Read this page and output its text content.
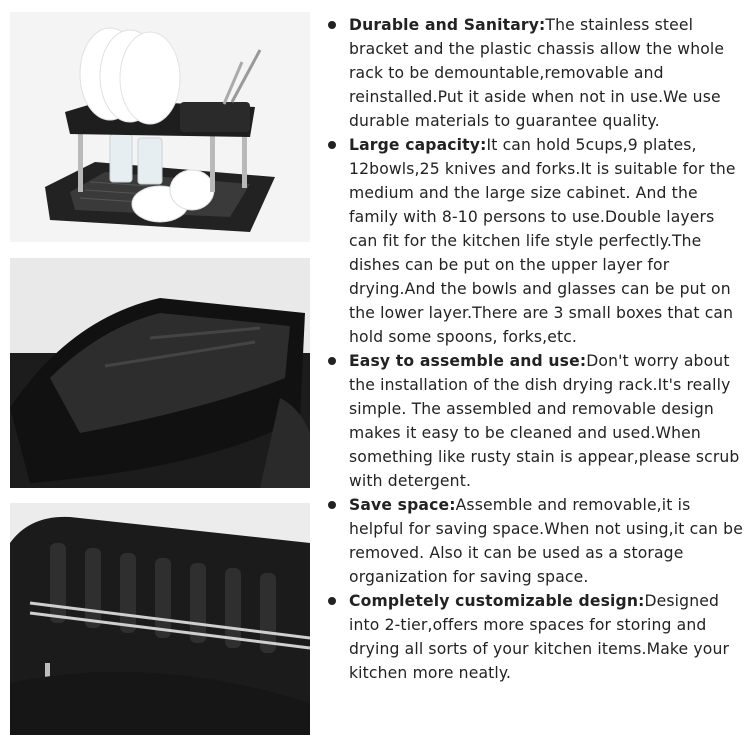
Durable and Sanitary:The stainless steel bracket and the plastic chassis allow the whole rack to be demountable,removable and reinstalled.Put it aside when not in use.We use durable materials to guarantee quality.
Large capacity:It can hold 5cups,9 plates, 12bowls,25 knives and forks.It is suitable for the medium and the large size cabinet. And the family with 8-10 persons to use.Double layers can fit for the kitchen life style perfectly.The dishes can be put on the upper layer for drying.And the bowls and glasses can be put on the lower layer.There are 3 small boxes that can hold some spoons, forks,etc.
Easy to assemble and use:Don't worry about the installation of the dish drying rack.It's really simple. The assembled and removable design makes it easy to be cleaned and used.When something like rusty stain is appear,please scrub with detergent.
Save space:Assemble and removable,it is helpful for saving space.When not using,it can be removed. Also it can be used as a storage organization for saving space.
Completely customizable design:Designed into 2-tier,offers more spaces for storing and drying all sorts of your kitchen items.Make your kitchen more neatly.
